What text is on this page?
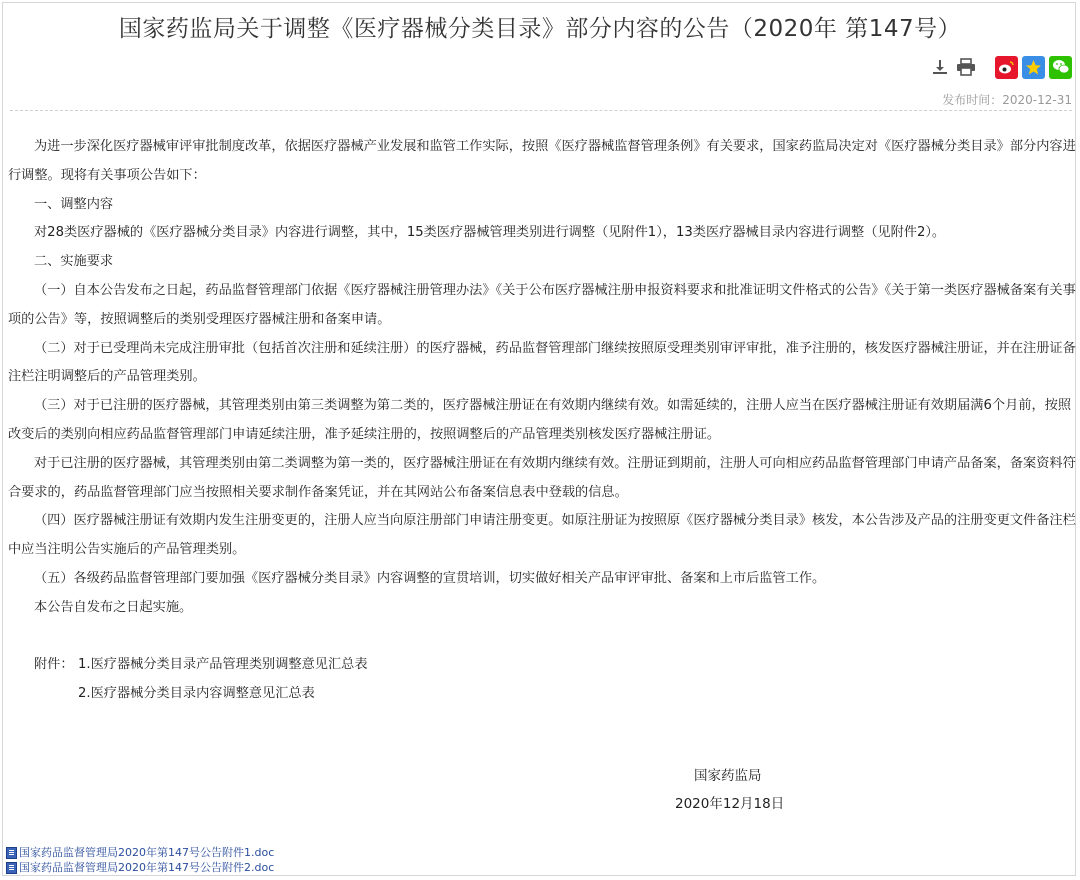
国家药监局关于调整《医疗器械分类目录》部分内容的公告（2020年 第147号）
发布时间：2020-12-31

为进一步深化医疗器械审评审批制度改革，依据医疗器械产业发展和监管工作实际，按照《医疗器械监督管理条例》有关要求，国家药监局决定对《医疗器械分类目录》部分内容进行调整。现将有关事项公告如下：

一、调整内容

对28类医疗器械的《医疗器械分类目录》内容进行调整，其中，15类医疗器械管理类别进行调整（见附件1），13类医疗器械目录内容进行调整（见附件2）。

二、实施要求

（一）自本公告发布之日起，药品监督管理部门依据《医疗器械注册管理办法》《关于公布医疗器械注册申报资料要求和批准证明文件格式的公告》《关于第一类医疗器械备案有关事项的公告》等，按照调整后的类别受理医疗器械注册和备案申请。

（二）对于已受理尚未完成注册审批（包括首次注册和延续注册）的医疗器械，药品监督管理部门继续按照原受理类别审评审批，准予注册的，核发医疗器械注册证，并在注册证备注栏注明调整后的产品管理类别。

（三）对于已注册的医疗器械，其管理类别由第三类调整为第二类的，医疗器械注册证在有效期内继续有效。如需延续的，注册人应当在医疗器械注册证有效期届满6个月前，按照改变后的类别向相应药品监督管理部门申请延续注册，准予延续注册的，按照调整后的产品管理类别核发医疗器械注册证。

对于已注册的医疗器械，其管理类别由第二类调整为第一类的，医疗器械注册证在有效期内继续有效。注册证到期前，注册人可向相应药品监督管理部门申请产品备案，备案资料符合要求的，药品监督管理部门应当按照相关要求制作备案凭证，并在其网站公布备案信息表中登载的信息。

（四）医疗器械注册证有效期内发生注册变更的，注册人应当向原注册部门申请注册变更。如原注册证为按照原《医疗器械分类目录》核发，本公告涉及产品的注册变更文件备注栏中应当注明公告实施后的产品管理类别。

（五）各级药品监督管理部门要加强《医疗器械分类目录》内容调整的宣贯培训，切实做好相关产品审评审批、备案和上市后监管工作。

本公告自发布之日起实施。

附件： 1.医疗器械分类目录产品管理类别调整意见汇总表
2.医疗器械分类目录内容调整意见汇总表
国家药监局
2020年12月18日
国家药品监督管理局2020年第147号公告附件1.doc
国家药品监督管理局2020年第147号公告附件2.doc
